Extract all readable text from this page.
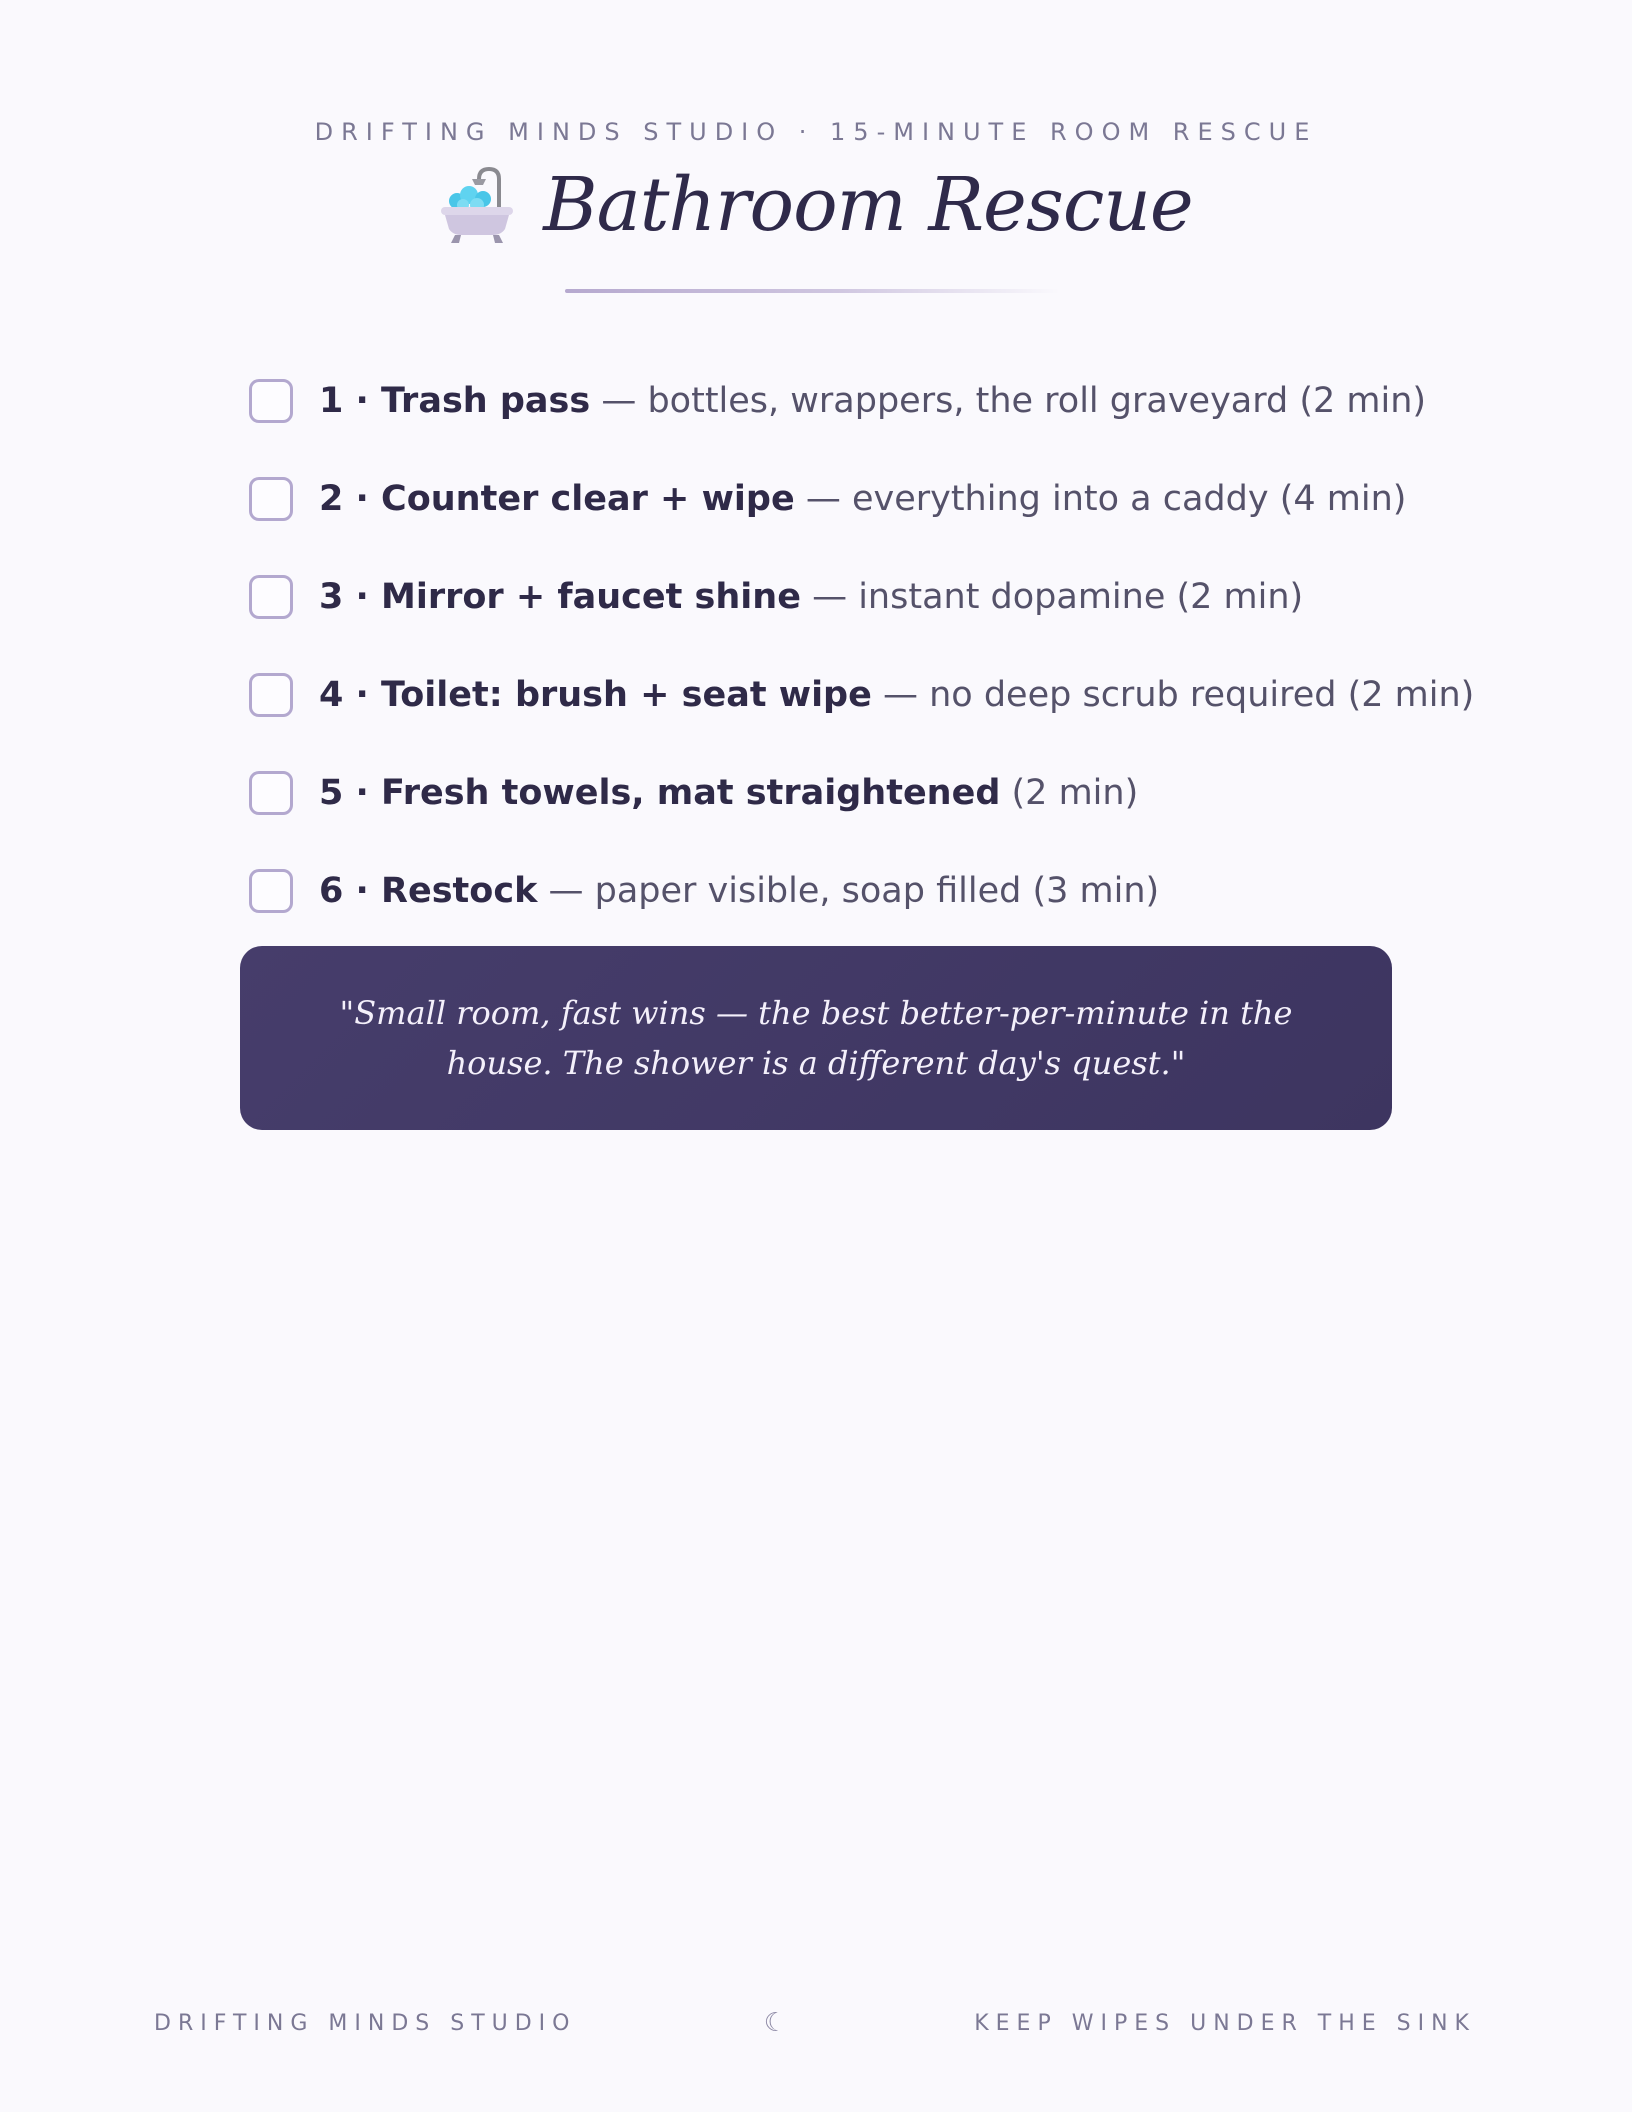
DRIFTING MINDS STUDIO · 15-MINUTE ROOM RESCUE
Bathroom Rescue
1 · Trash pass — bottles, wrappers, the roll graveyard (2 min)
2 · Counter clear + wipe — everything into a caddy (4 min)
3 · Mirror + faucet shine — instant dopamine (2 min)
4 · Toilet: brush + seat wipe — no deep scrub required (2 min)
5 · Fresh towels, mat straightened (2 min)
6 · Restock — paper visible, soap filled (3 min)
"Small room, fast wins — the best better-per-minute in the house. The shower is a different day's quest."
DRIFTING MINDS STUDIO	☾	KEEP WIPES UNDER THE SINK
